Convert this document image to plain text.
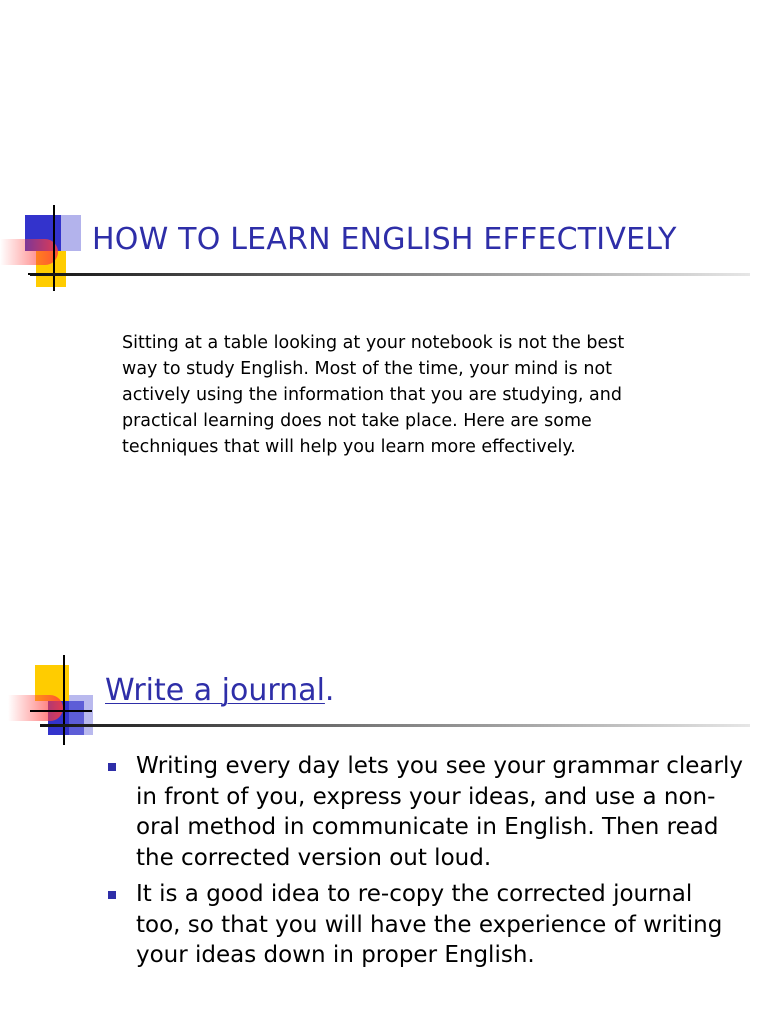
HOW TO LEARN ENGLISH EFFECTIVELY
Sitting at a table looking at your notebook is not the best way to study English. Most of the time, your mind is not actively using the information that you are studying, and practical learning does not take place. Here are some techniques that will help you learn more effectively.
Write a journal.
Writing every day lets you see your grammar clearly in front of you, express your ideas, and use a non-oral method in communicate in English. Then read the corrected version out loud.
It is a good idea to re-copy the corrected journal too, so that you will have the experience of writing your ideas down in proper English.
